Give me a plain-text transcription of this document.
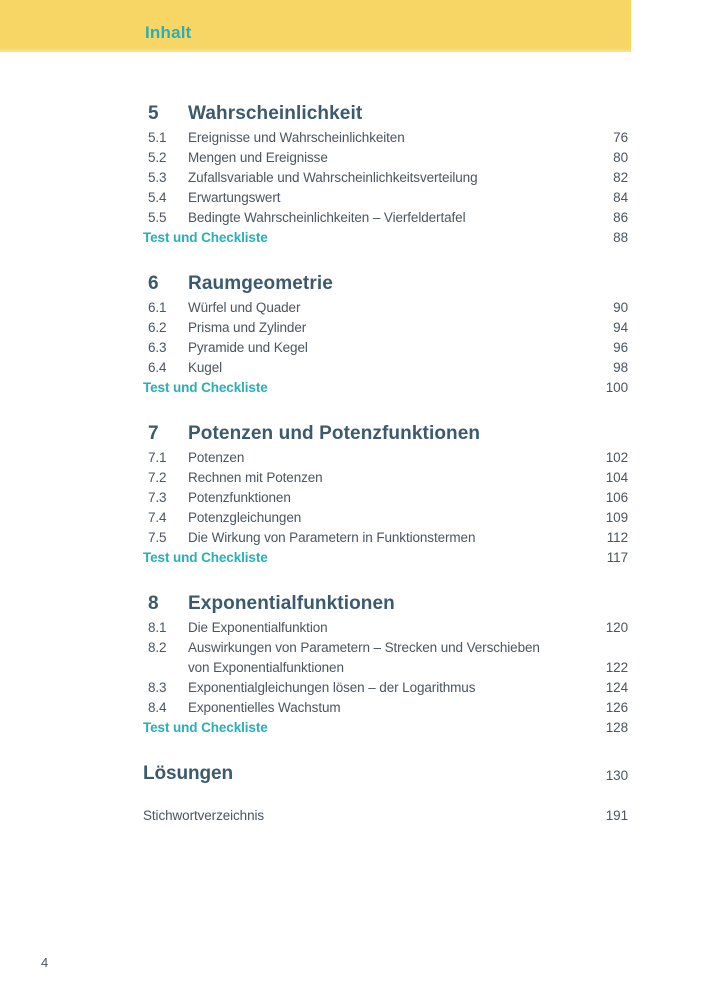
Inhalt
5	Wahrscheinlichkeit
5.1	Ereignisse und Wahrscheinlichkeiten	76
5.2	Mengen und Ereignisse	80
5.3	Zufallsvariable und Wahrscheinlichkeitsverteilung	82
5.4	Erwartungswert	84
5.5	Bedingte Wahrscheinlichkeiten – Vierfeldertafel	86
Test und Checkliste	88
6	Raumgeometrie
6.1	Würfel und Quader	90
6.2	Prisma und Zylinder	94
6.3	Pyramide und Kegel	96
6.4	Kugel	98
Test und Checkliste	100
7	Potenzen und Potenzfunktionen
7.1	Potenzen	102
7.2	Rechnen mit Potenzen	104
7.3	Potenzfunktionen	106
7.4	Potenzgleichungen	109
7.5	Die Wirkung von Parametern in Funktionstermen	112
Test und Checkliste	117
8	Exponentialfunktionen
8.1	Die Exponentialfunktion	120
8.2	Auswirkungen von Parametern – Strecken und Verschieben
von Exponentialfunktionen	122
8.3	Exponentialgleichungen lösen – der Logarithmus	124
8.4	Exponentielles Wachstum	126
Test und Checkliste	128
Lösungen	130
Stichwortverzeichnis	191
4
